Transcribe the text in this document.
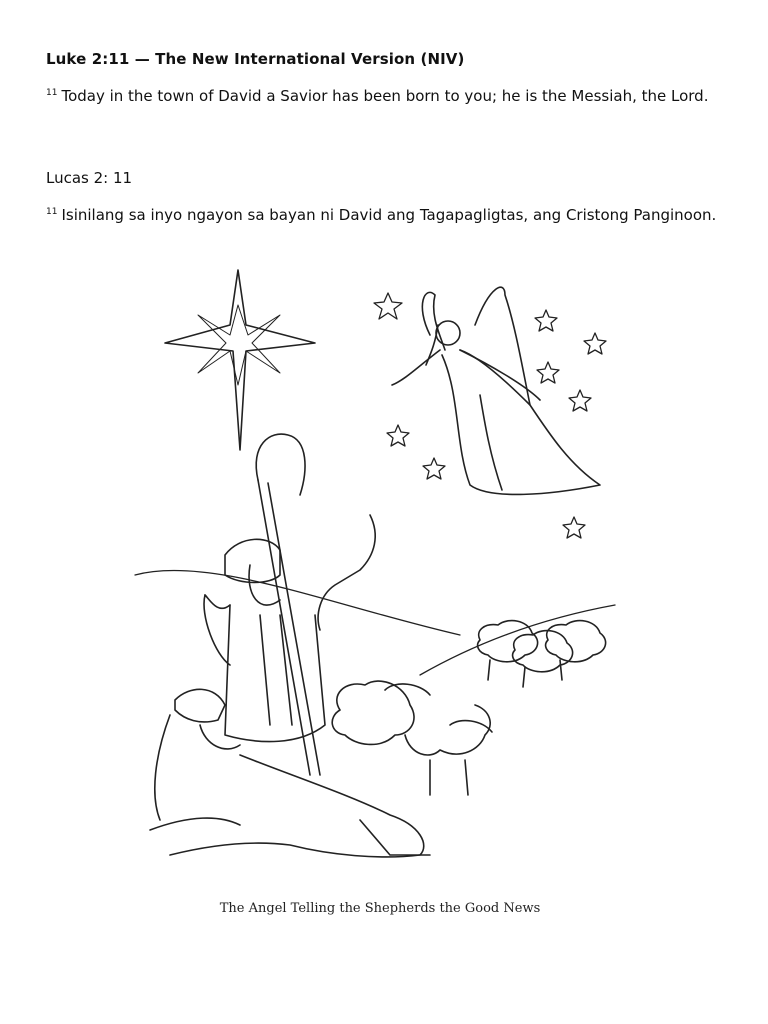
Luke 2:11 — The New International Version (NIV)

$^{11}$ Today in the town of David a Savior has been born to you; he is the Messiah, the Lord.

Lucas 2: 11

$^{11}$ Isinilang sa inyo ngayon sa bayan ni David ang Tagapagligtas, ang Cristong Panginoon.

The Angel Telling the Shepherds the Good News
